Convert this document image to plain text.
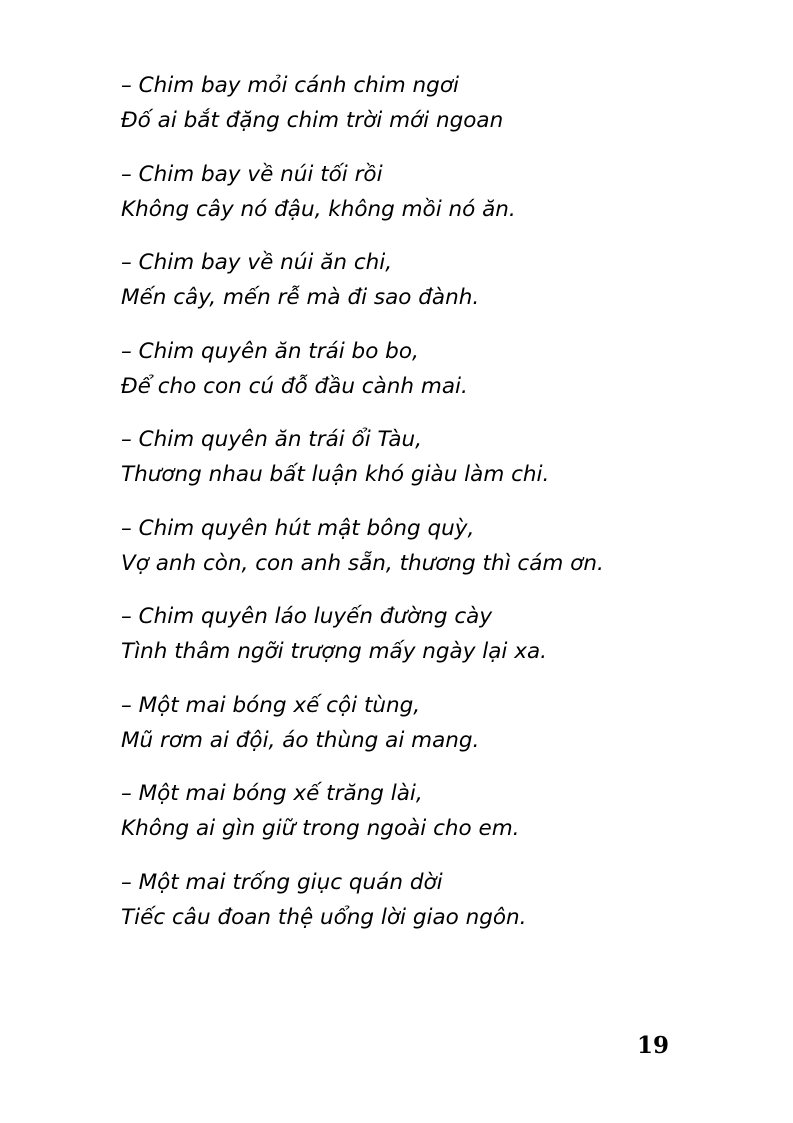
– Chim bay mỏi cánh chim ngơi
Đố ai bắt đặng chim trời mới ngoan
– Chim bay về núi tối rồi
Không cây nó đậu, không mồi nó ăn.
– Chim bay về núi ăn chi,
Mến cây, mến rễ mà đi sao đành.
– Chim quyên ăn trái bo bo,
Để cho con cú đỗ đầu cành mai.
– Chim quyên ăn trái ổi Tàu,
Thương nhau bất luận khó giàu làm chi.
– Chim quyên hút mật bông quỳ,
Vợ anh còn, con anh sẵn, thương thì cám ơn.
– Chim quyên láo luyến đường cày
Tình thâm ngỡi trượng mấy ngày lại xa.
– Một mai bóng xế cội tùng,
Mũ rơm ai đội, áo thùng ai mang.
– Một mai bóng xế trăng lài,
Không ai gìn giữ trong ngoài cho em.
– Một mai trống giục quán dời
Tiếc câu đoan thệ uổng lời giao ngôn.
19
